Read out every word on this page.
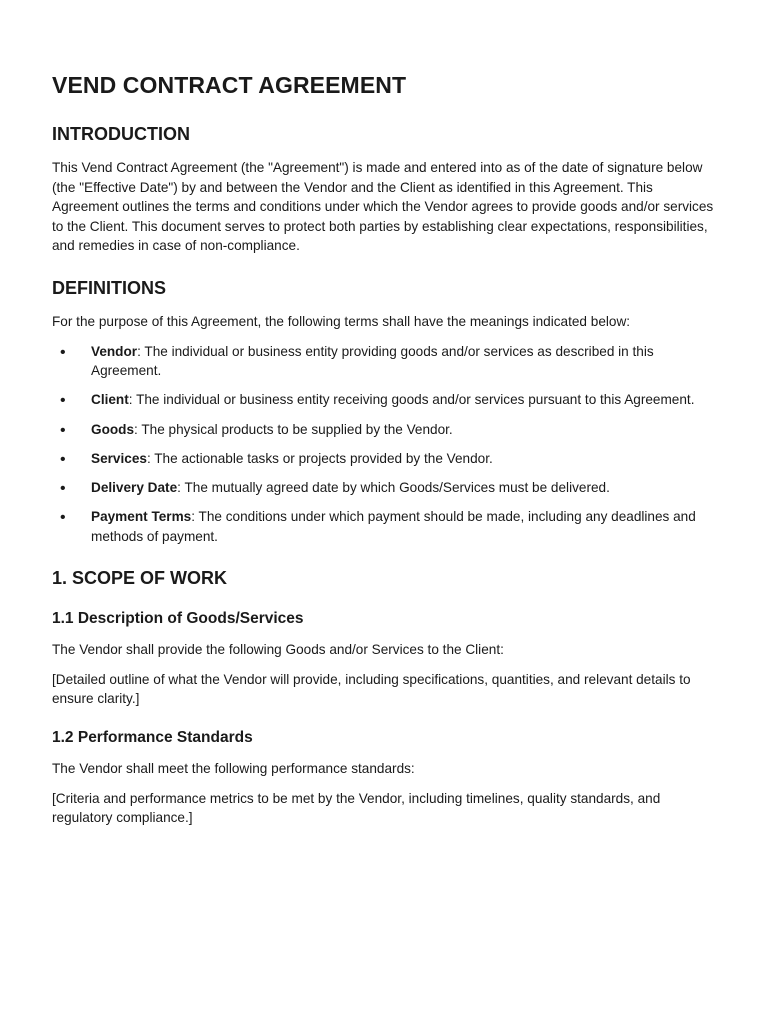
VEND CONTRACT AGREEMENT
INTRODUCTION

This Vend Contract Agreement (the "Agreement") is made and entered into as of the date of signature below (the "Effective Date") by and between the Vendor and the Client as identified in this Agreement. This Agreement outlines the terms and conditions under which the Vendor agrees to provide goods and/or services to the Client. This document serves to protect both parties by establishing clear expectations, responsibilities, and remedies in case of non-compliance.

DEFINITIONS

For the purpose of this Agreement, the following terms shall have the meanings indicated below:

• Vendor: The individual or business entity providing goods and/or services as described in this Agreement.
• Client: The individual or business entity receiving goods and/or services pursuant to this Agreement.
• Goods: The physical products to be supplied by the Vendor.
• Services: The actionable tasks or projects provided by the Vendor.
• Delivery Date: The mutually agreed date by which Goods/Services must be delivered.
• Payment Terms: The conditions under which payment should be made, including any deadlines and methods of payment.
1. SCOPE OF WORK
1.1 Description of Goods/Services

The Vendor shall provide the following Goods and/or Services to the Client:

[Detailed outline of what the Vendor will provide, including specifications, quantities, and relevant details to ensure clarity.]

1.2 Performance Standards

The Vendor shall meet the following performance standards:

[Criteria and performance metrics to be met by the Vendor, including timelines, quality standards, and regulatory compliance.]
